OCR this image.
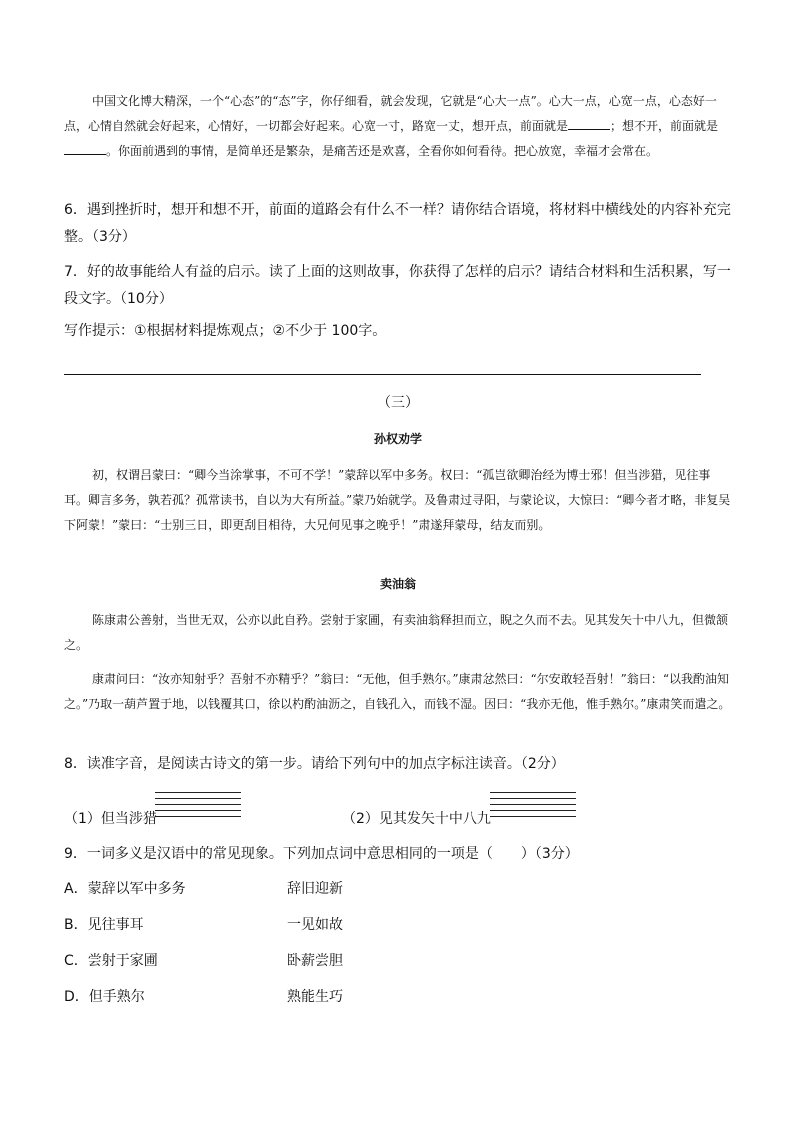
中国文化博大精深，一个“心态”的“态”字，你仔细看，就会发现，它就是“心大一点”。心大一点，心宽一点，心态好一点，心情自然就会好起来，心情好，一切都会好起来。心宽一寸，路宽一丈，想开点，前面就是	；想不开，前面就是。你面前遇到的事情，是简单还是繁杂，是痛苦还是欢喜，全看你如何看待。把心放宽，幸福才会常在。

6．遇到挫折时，想开和想不开，前面的道路会有什么不一样？请你结合语境，将材料中横线处的内容补充完整。（3分）

7．好的故事能给人有益的启示。读了上面的这则故事，你获得了怎样的启示？请结合材料和生活积累，写一段文字。（10分）

写作提示：①根据材料提炼观点；②不少于 100字。

（三）

孙权劝学

初，权谓吕蒙曰：“卿今当涂掌事，不可不学！”蒙辞以军中多务。权曰：“孤岂欲卿治经为博士邪！但当涉猎，见往事耳。卿言多务，孰若孤？孤常读书，自以为大有所益。”蒙乃始就学。及鲁肃过寻阳，与蒙论议，大惊曰：“卿今者才略，非复吴下阿蒙！”蒙曰：“士别三日，即更刮目相待，大兄何见事之晚乎！”肃遂拜蒙母，结友而别。

卖油翁

陈康肃公善射，当世无双，公亦以此自矜。尝射于家圃，有卖油翁释担而立，睨之久而不去。见其发矢十中八九，但微颔之。

康肃问曰：“汝亦知射乎？吾射不亦精乎？”翁曰：“无他，但手熟尔。”康肃忿然曰：“尔安敢轻吾射！”翁曰：“以我酌油知之。”乃取一葫芦置于地，以钱覆其口，徐以杓酌油沥之，自钱孔入，而钱不湿。因曰：“我亦无他，惟手熟尔。”康肃笑而遣之。

8．读准字音，是阅读古诗文的第一步。请给下列句中的加点字标注读音。（2分）

（1）但当涉猎	（2）见其发矢十中八九

9．一词多义是汉语中的常见现象。下列加点词中意思相同的一项是（　　）（3分）

A．蒙辞以军中多务	辞旧迎新
B．见往事耳	一见如故
C．尝射于家圃	卧薪尝胆
D．但手熟尔	熟能生巧
